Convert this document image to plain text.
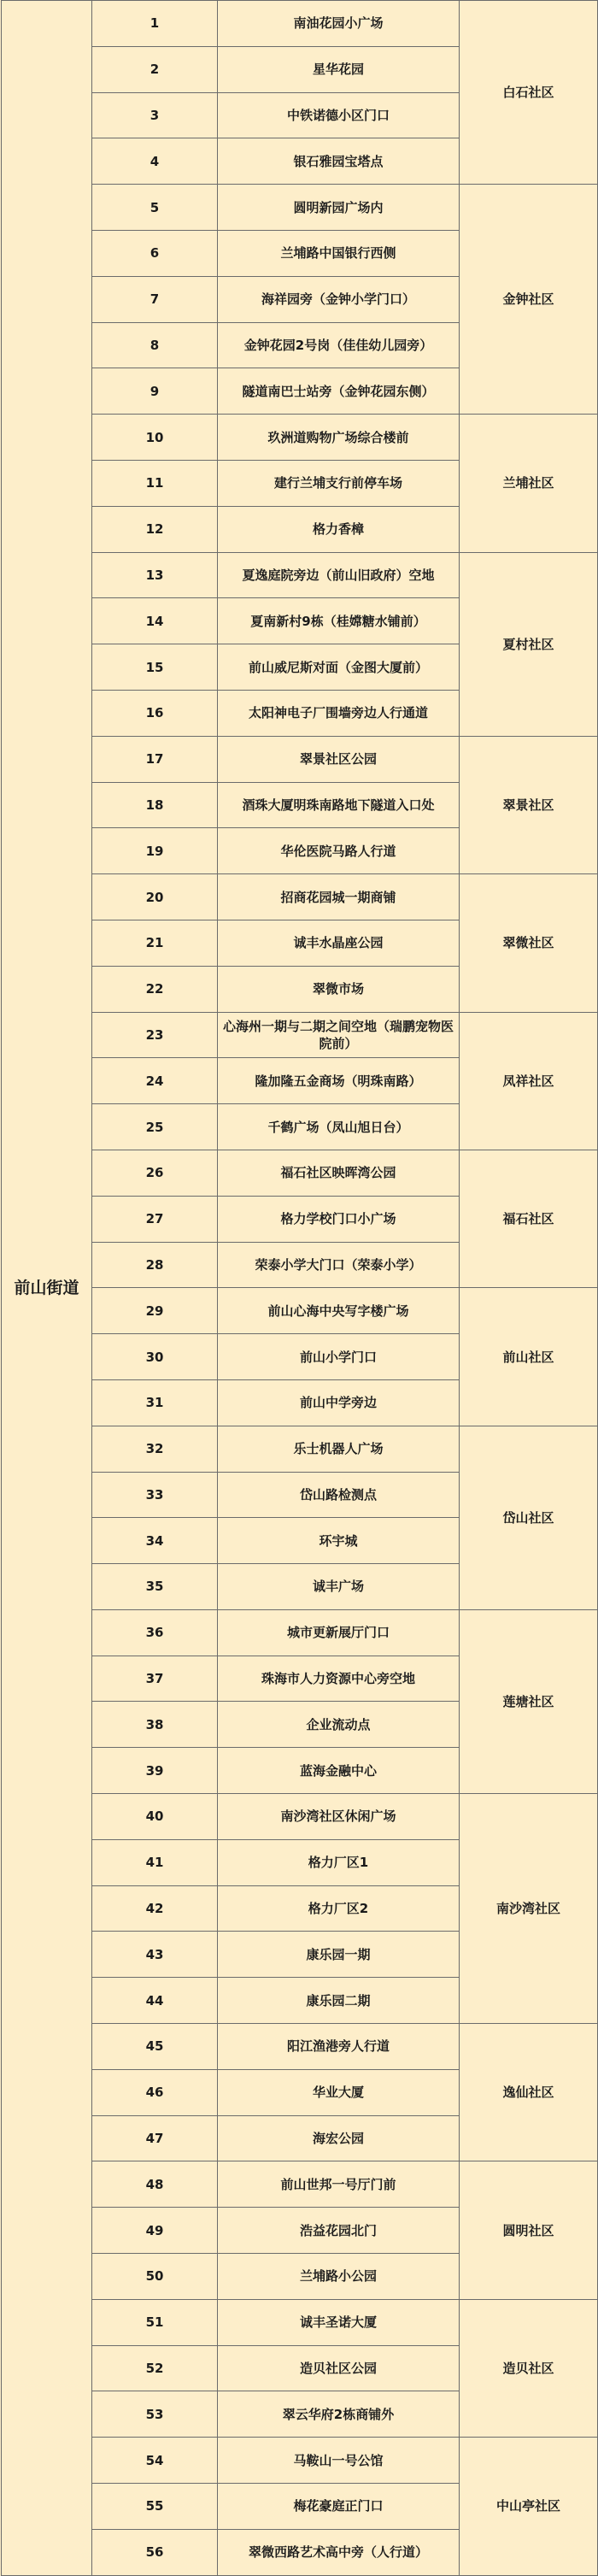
前山街道	1	南油花园小广场	白石社区
	2	星华花园	
	3	中铁诺德小区门口	
	4	银石雅园宝塔点	
	5	圆明新园广场内	金钟社区
	6	兰埔路中国银行西侧	
	7	海祥园旁（金钟小学门口）	
	8	金钟花园2号岗（佳佳幼儿园旁）	
	9	隧道南巴士站旁（金钟花园东侧）	
	10	玖洲道购物广场综合楼前	兰埔社区
	11	建行兰埔支行前停车场	
	12	格力香樟	
	13	夏逸庭院旁边（前山旧政府）空地	夏村社区
	14	夏南新村9栋（桂嫦糖水铺前）	
	15	前山威尼斯对面（金图大厦前）	
	16	太阳神电子厂围墙旁边人行通道	
	17	翠景社区公园	翠景社区
	18	酒珠大厦明珠南路地下隧道入口处	
	19	华伦医院马路人行道	
	20	招商花园城一期商铺	翠微社区
	21	诚丰水晶座公园	
	22	翠微市场	
	23	心海州一期与二期之间空地（瑞鹏宠物医院前）	凤祥社区
	24	隆加隆五金商场（明珠南路）	
	25	千鹤广场（凤山旭日台）	
	26	福石社区映晖湾公园	福石社区
	27	格力学校门口小广场	
	28	荣泰小学大门口（荣泰小学）	
	29	前山心海中央写字楼广场	前山社区
	30	前山小学门口	
	31	前山中学旁边	
	32	乐士机器人广场	岱山社区
	33	岱山路检测点	
	34	环宇城	
	35	诚丰广场	
	36	城市更新展厅门口	莲塘社区
	37	珠海市人力资源中心旁空地	
	38	企业流动点	
	39	蓝海金融中心	
	40	南沙湾社区休闲广场	南沙湾社区
	41	格力厂区1	
	42	格力厂区2	
	43	康乐园一期	
	44	康乐园二期	
	45	阳江渔港旁人行道	逸仙社区
	46	华业大厦	
	47	海宏公园	
	48	前山世邦一号厅门前	圆明社区
	49	浩益花园北门	
	50	兰埔路小公园	
	51	诚丰圣诺大厦	造贝社区
	52	造贝社区公园	
	53	翠云华府2栋商铺外	
	54	马鞍山一号公馆	中山亭社区
	55	梅花豪庭正门口	
	56	翠微西路艺术高中旁（人行道）	
